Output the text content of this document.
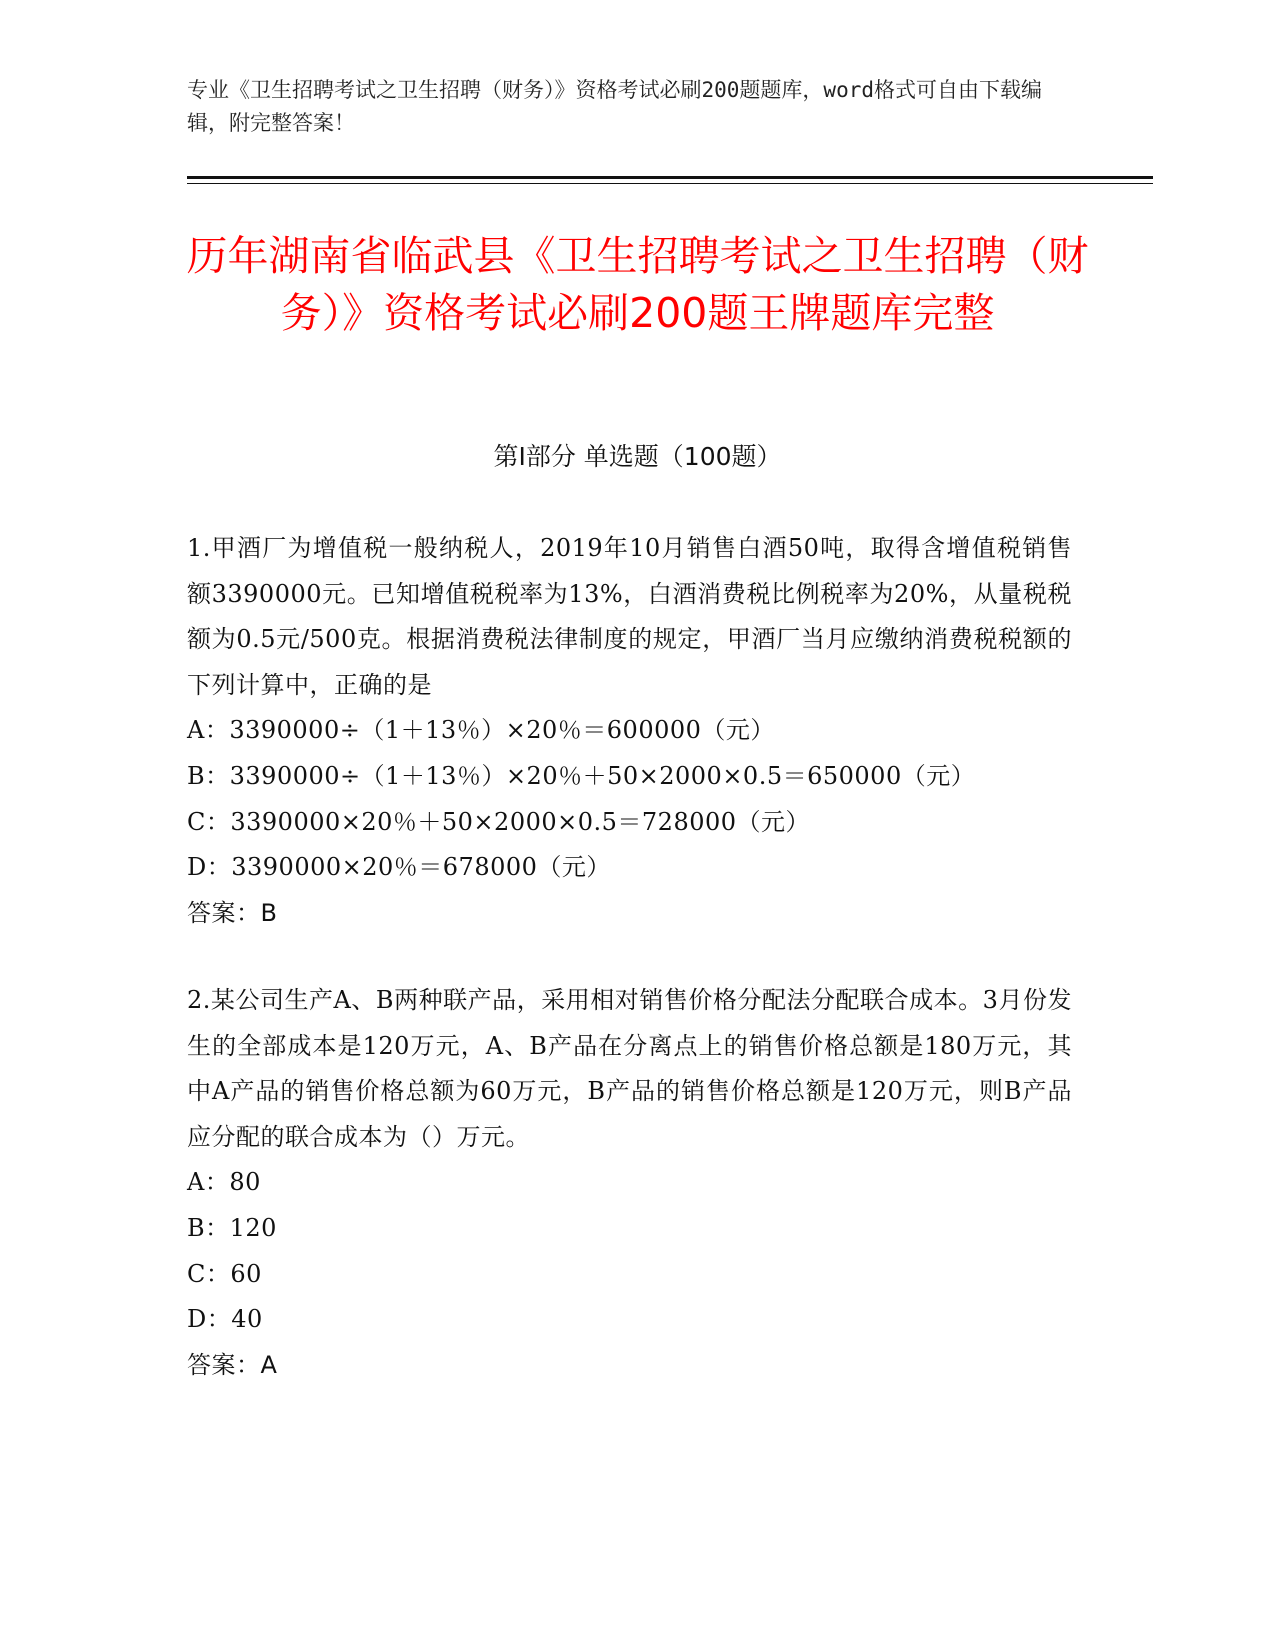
专业《卫生招聘考试之卫生招聘（财务）》资格考试必刷200题题库，word格式可自由下载编辑，附完整答案！
历年湖南省临武县《卫生招聘考试之卫生招聘（财务）》资格考试必刷200题王牌题库完整
第Ⅰ部分 单选题（100题）

1.甲酒厂为增值税一般纳税人，2019年10月销售白酒50吨，取得含增值税销售额3390000元。已知增值税税率为13%，白酒消费税比例税率为20%，从量税税额为0.5元/500克。根据消费税法律制度的规定，甲酒厂当月应缴纳消费税税额的下列计算中，正确的是

A：3390000÷（1＋13％）×20％＝600000（元）

B：3390000÷（1＋13％）×20％＋50×2000×0.5＝650000（元）

C：3390000×20％＋50×2000×0.5＝728000（元）

D：3390000×20％＝678000（元）

答案：B

2.某公司生产A、B两种联产品，采用相对销售价格分配法分配联合成本。3月份发生的全部成本是120万元，A、B产品在分离点上的销售价格总额是180万元，其中A产品的销售价格总额为60万元，B产品的销售价格总额是120万元，则B产品应分配的联合成本为（）万元。

A：80

B：120

C：60

D：40

答案：A
